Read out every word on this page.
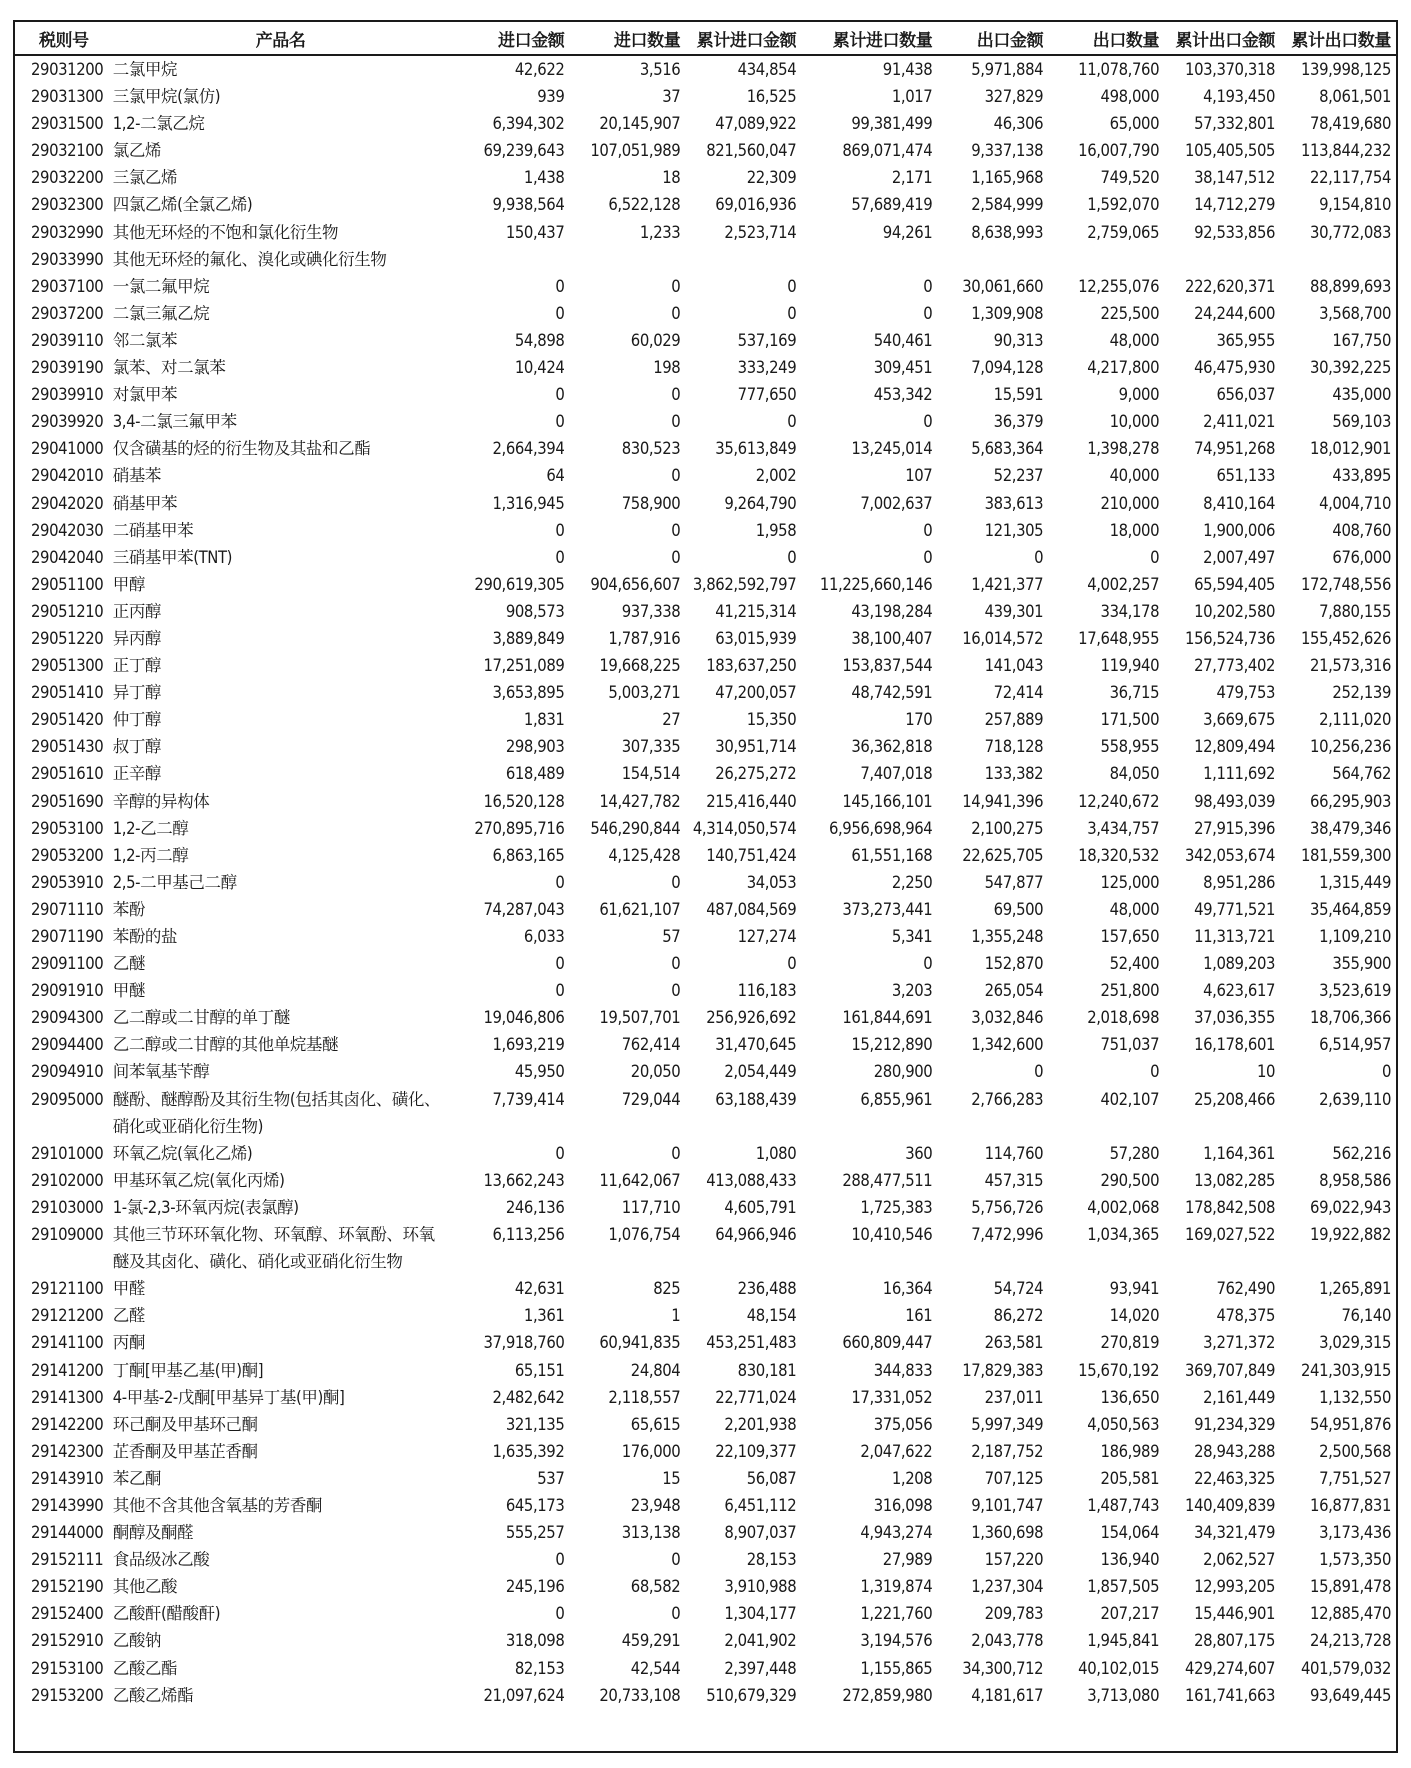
税则号	产品名	进口金额	进口数量	累计进口金额	累计进口数量	出口金额	出口数量	累计出口金额	累计出口数量
29031200	二氯甲烷	42,622	3,516	434,854	91,438	5,971,884	11,078,760	103,370,318	139,998,125
29031300	三氯甲烷(氯仿)	939	37	16,525	1,017	327,829	498,000	4,193,450	8,061,501
29031500	1,2-二氯乙烷	6,394,302	20,145,907	47,089,922	99,381,499	46,306	65,000	57,332,801	78,419,680
29032100	氯乙烯	69,239,643	107,051,989	821,560,047	869,071,474	9,337,138	16,007,790	105,405,505	113,844,232
29032200	三氯乙烯	1,438	18	22,309	2,171	1,165,968	749,520	38,147,512	22,117,754
29032300	四氯乙烯(全氯乙烯)	9,938,564	6,522,128	69,016,936	57,689,419	2,584,999	1,592,070	14,712,279	9,154,810
29032990	其他无环烃的不饱和氯化衍生物	150,437	1,233	2,523,714	94,261	8,638,993	2,759,065	92,533,856	30,772,083
29033990	其他无环烃的氟化、溴化或碘化衍生物								
29037100	一氯二氟甲烷	0	0	0	0	30,061,660	12,255,076	222,620,371	88,899,693
29037200	二氯三氟乙烷	0	0	0	0	1,309,908	225,500	24,244,600	3,568,700
29039110	邻二氯苯	54,898	60,029	537,169	540,461	90,313	48,000	365,955	167,750
29039190	氯苯、对二氯苯	10,424	198	333,249	309,451	7,094,128	4,217,800	46,475,930	30,392,225
29039910	对氯甲苯	0	0	777,650	453,342	15,591	9,000	656,037	435,000
29039920	3,4-二氯三氟甲苯	0	0	0	0	36,379	10,000	2,411,021	569,103
29041000	仅含磺基的烃的衍生物及其盐和乙酯	2,664,394	830,523	35,613,849	13,245,014	5,683,364	1,398,278	74,951,268	18,012,901
29042010	硝基苯	64	0	2,002	107	52,237	40,000	651,133	433,895
29042020	硝基甲苯	1,316,945	758,900	9,264,790	7,002,637	383,613	210,000	8,410,164	4,004,710
29042030	二硝基甲苯	0	0	1,958	0	121,305	18,000	1,900,006	408,760
29042040	三硝基甲苯(TNT)	0	0	0	0	0	0	2,007,497	676,000
29051100	甲醇	290,619,305	904,656,607	3,862,592,797	11,225,660,146	1,421,377	4,002,257	65,594,405	172,748,556
29051210	正丙醇	908,573	937,338	41,215,314	43,198,284	439,301	334,178	10,202,580	7,880,155
29051220	异丙醇	3,889,849	1,787,916	63,015,939	38,100,407	16,014,572	17,648,955	156,524,736	155,452,626
29051300	正丁醇	17,251,089	19,668,225	183,637,250	153,837,544	141,043	119,940	27,773,402	21,573,316
29051410	异丁醇	3,653,895	5,003,271	47,200,057	48,742,591	72,414	36,715	479,753	252,139
29051420	仲丁醇	1,831	27	15,350	170	257,889	171,500	3,669,675	2,111,020
29051430	叔丁醇	298,903	307,335	30,951,714	36,362,818	718,128	558,955	12,809,494	10,256,236
29051610	正辛醇	618,489	154,514	26,275,272	7,407,018	133,382	84,050	1,111,692	564,762
29051690	辛醇的异构体	16,520,128	14,427,782	215,416,440	145,166,101	14,941,396	12,240,672	98,493,039	66,295,903
29053100	1,2-乙二醇	270,895,716	546,290,844	4,314,050,574	6,956,698,964	2,100,275	3,434,757	27,915,396	38,479,346
29053200	1,2-丙二醇	6,863,165	4,125,428	140,751,424	61,551,168	22,625,705	18,320,532	342,053,674	181,559,300
29053910	2,5-二甲基己二醇	0	0	34,053	2,250	547,877	125,000	8,951,286	1,315,449
29071110	苯酚	74,287,043	61,621,107	487,084,569	373,273,441	69,500	48,000	49,771,521	35,464,859
29071190	苯酚的盐	6,033	57	127,274	5,341	1,355,248	157,650	11,313,721	1,109,210
29091100	乙醚	0	0	0	0	152,870	52,400	1,089,203	355,900
29091910	甲醚	0	0	116,183	3,203	265,054	251,800	4,623,617	3,523,619
29094300	乙二醇或二甘醇的单丁醚	19,046,806	19,507,701	256,926,692	161,844,691	3,032,846	2,018,698	37,036,355	18,706,366
29094400	乙二醇或二甘醇的其他单烷基醚	1,693,219	762,414	31,470,645	15,212,890	1,342,600	751,037	16,178,601	6,514,957
29094910	间苯氧基苄醇	45,950	20,050	2,054,449	280,900	0	0	10	0
29095000	醚酚、醚醇酚及其衍生物(包括其卤化、磺化、硝化或亚硝化衍生物)	7,739,414	729,044	63,188,439	6,855,961	2,766,283	402,107	25,208,466	2,639,110
29101000	环氧乙烷(氧化乙烯)	0	0	1,080	360	114,760	57,280	1,164,361	562,216
29102000	甲基环氧乙烷(氧化丙烯)	13,662,243	11,642,067	413,088,433	288,477,511	457,315	290,500	13,082,285	8,958,586
29103000	1-氯-2,3-环氧丙烷(表氯醇)	246,136	117,710	4,605,791	1,725,383	5,756,726	4,002,068	178,842,508	69,022,943
29109000	其他三节环环氧化物、环氧醇、环氧酚、环氧醚及其卤化、磺化、硝化或亚硝化衍生物	6,113,256	1,076,754	64,966,946	10,410,546	7,472,996	1,034,365	169,027,522	19,922,882
29121100	甲醛	42,631	825	236,488	16,364	54,724	93,941	762,490	1,265,891
29121200	乙醛	1,361	1	48,154	161	86,272	14,020	478,375	76,140
29141100	丙酮	37,918,760	60,941,835	453,251,483	660,809,447	263,581	270,819	3,271,372	3,029,315
29141200	丁酮[甲基乙基(甲)酮]	65,151	24,804	830,181	344,833	17,829,383	15,670,192	369,707,849	241,303,915
29141300	4-甲基-2-戊酮[甲基异丁基(甲)酮]	2,482,642	2,118,557	22,771,024	17,331,052	237,011	136,650	2,161,449	1,132,550
29142200	环己酮及甲基环己酮	321,135	65,615	2,201,938	375,056	5,997,349	4,050,563	91,234,329	54,951,876
29142300	芷香酮及甲基芷香酮	1,635,392	176,000	22,109,377	2,047,622	2,187,752	186,989	28,943,288	2,500,568
29143910	苯乙酮	537	15	56,087	1,208	707,125	205,581	22,463,325	7,751,527
29143990	其他不含其他含氧基的芳香酮	645,173	23,948	6,451,112	316,098	9,101,747	1,487,743	140,409,839	16,877,831
29144000	酮醇及酮醛	555,257	313,138	8,907,037	4,943,274	1,360,698	154,064	34,321,479	3,173,436
29152111	食品级冰乙酸	0	0	28,153	27,989	157,220	136,940	2,062,527	1,573,350
29152190	其他乙酸	245,196	68,582	3,910,988	1,319,874	1,237,304	1,857,505	12,993,205	15,891,478
29152400	乙酸酐(醋酸酐)	0	0	1,304,177	1,221,760	209,783	207,217	15,446,901	12,885,470
29152910	乙酸钠	318,098	459,291	2,041,902	3,194,576	2,043,778	1,945,841	28,807,175	24,213,728
29153100	乙酸乙酯	82,153	42,544	2,397,448	1,155,865	34,300,712	40,102,015	429,274,607	401,579,032
29153200	乙酸乙烯酯	21,097,624	20,733,108	510,679,329	272,859,980	4,181,617	3,713,080	161,741,663	93,649,445
